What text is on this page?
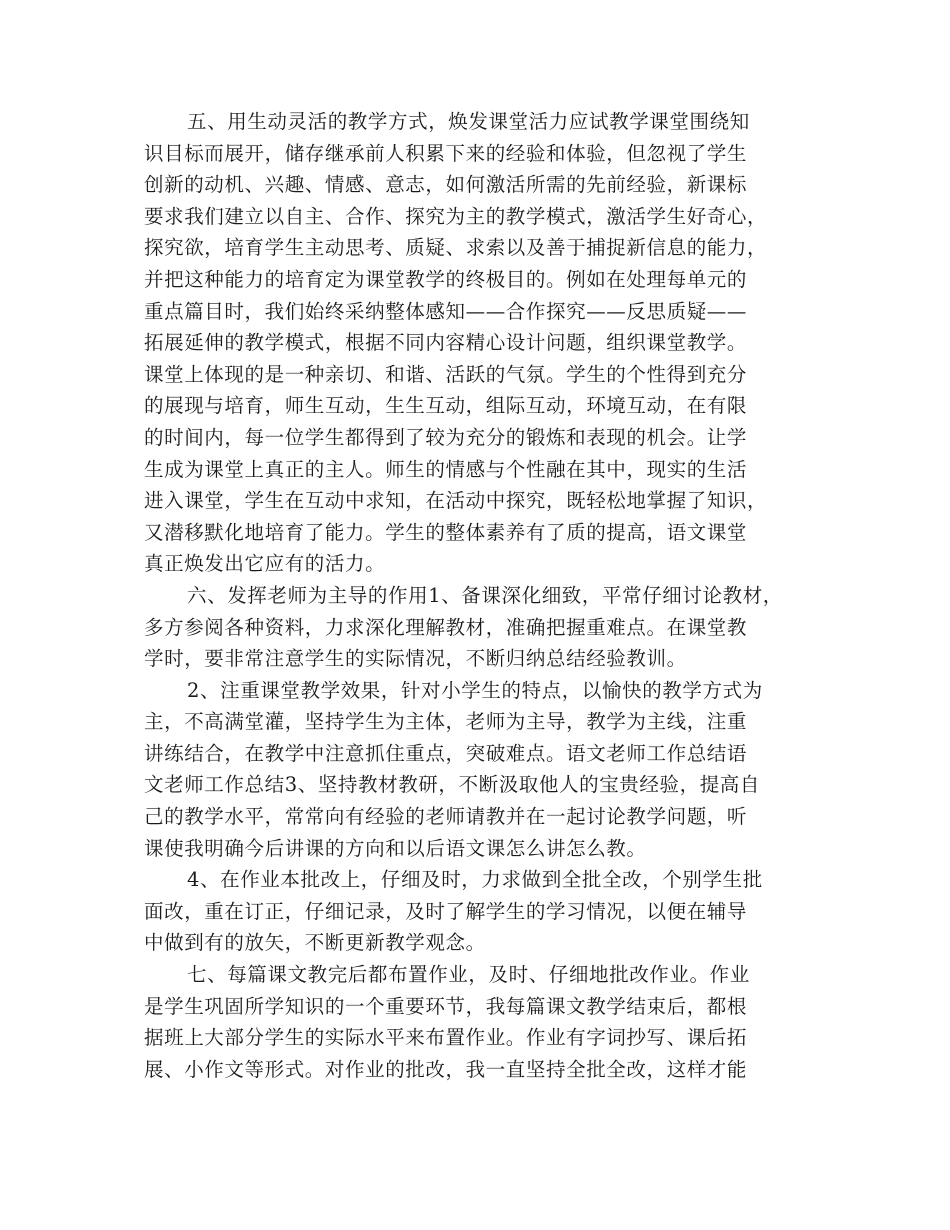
五、用生动灵活的教学方式，焕发课堂活力应试教学课堂围绕知
识目标而展开，储存继承前人积累下来的经验和体验，但忽视了学生
创新的动机、兴趣、情感、意志，如何激活所需的先前经验，新课标
要求我们建立以自主、合作、探究为主的教学模式，激活学生好奇心，
探究欲，培育学生主动思考、质疑、求索以及善于捕捉新信息的能力，
并把这种能力的培育定为课堂教学的终极目的。例如在处理每单元的
重点篇目时，我们始终采纳整体感知——合作探究——反思质疑——
拓展延伸的教学模式，根据不同内容精心设计问题，组织课堂教学。
课堂上体现的是一种亲切、和谐、活跃的气氛。学生的个性得到充分
的展现与培育，师生互动，生生互动，组际互动，环境互动，在有限
的时间内，每一位学生都得到了较为充分的锻炼和表现的机会。让学
生成为课堂上真正的主人。师生的情感与个性融在其中，现实的生活
进入课堂，学生在互动中求知，在活动中探究，既轻松地掌握了知识，
又潜移默化地培育了能力。学生的整体素养有了质的提高，语文课堂
真正焕发出它应有的活力。
六、发挥老师为主导的作用1、备课深化细致，平常仔细讨论教材，
多方参阅各种资料，力求深化理解教材，准确把握重难点。在课堂教
学时，要非常注意学生的实际情况，不断归纳总结经验教训。
2、注重课堂教学效果，针对小学生的特点，以愉快的教学方式为
主，不高满堂灌，坚持学生为主体，老师为主导，教学为主线，注重
讲练结合，在教学中注意抓住重点，突破难点。语文老师工作总结语
文老师工作总结3、坚持教材教研，不断汲取他人的宝贵经验，提高自
己的教学水平，常常向有经验的老师请教并在一起讨论教学问题，听
课使我明确今后讲课的方向和以后语文课怎么讲怎么教。
4、在作业本批改上，仔细及时，力求做到全批全改，个别学生批
面改，重在订正，仔细记录，及时了解学生的学习情况，以便在辅导
中做到有的放矢，不断更新教学观念。
七、每篇课文教完后都布置作业，及时、仔细地批改作业。作业
是学生巩固所学知识的一个重要环节，我每篇课文教学结束后，都根
据班上大部分学生的实际水平来布置作业。作业有字词抄写、课后拓
展、小作文等形式。对作业的批改，我一直坚持全批全改，这样才能
